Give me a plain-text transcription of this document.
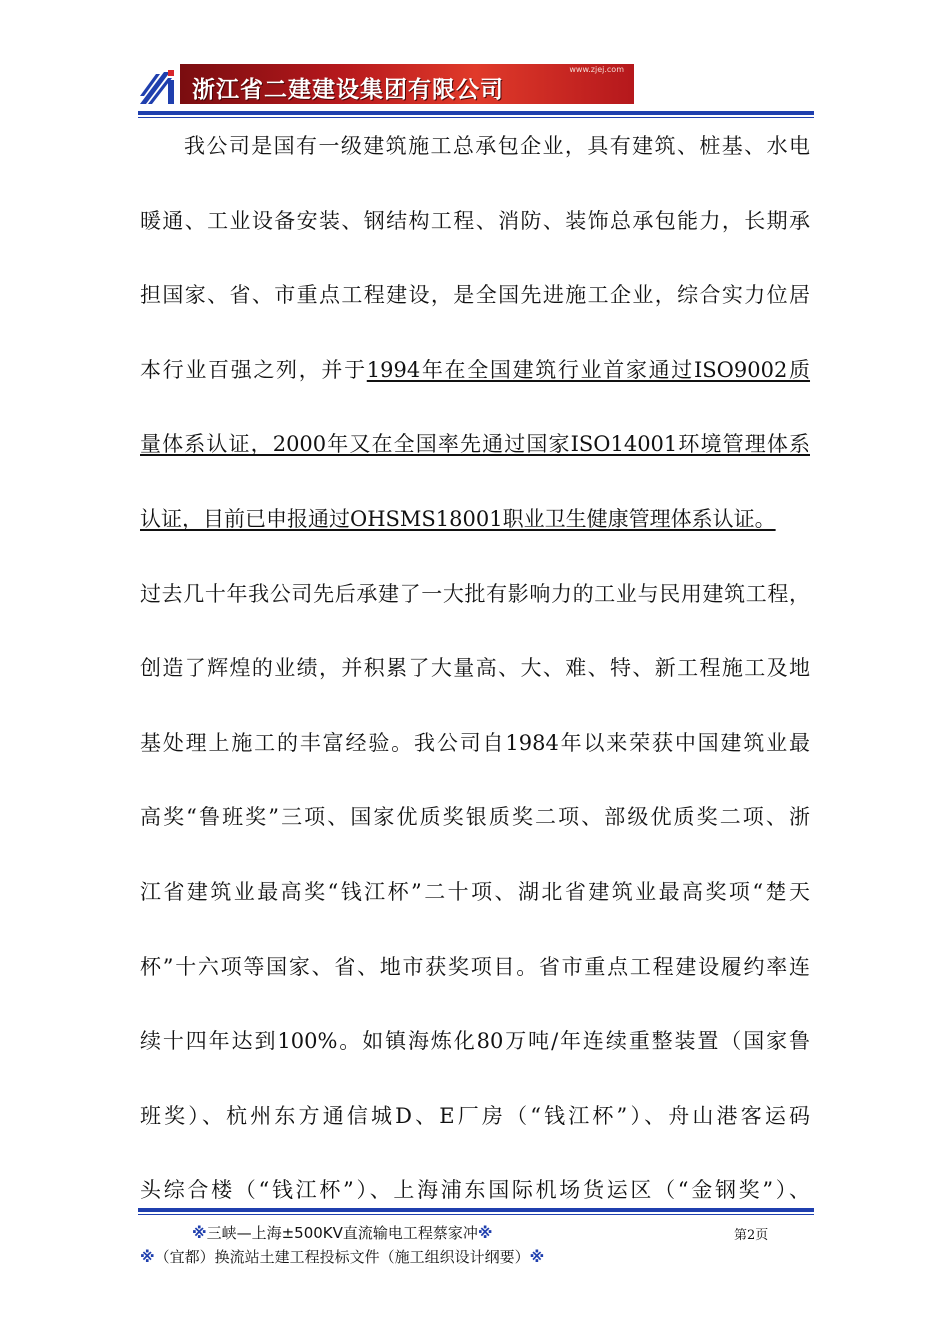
www.zjej.com
浙江省二建建设集团有限公司
我公司是国有一级建筑施工总承包企业，具有建筑、桩基、水电
暖通、工业设备安装、钢结构工程、消防、装饰总承包能力，长期承
担国家、省、市重点工程建设，是全国先进施工企业，综合实力位居
本行业百强之列，并于1994年在全国建筑行业首家通过ISO9002质
量体系认证，2000年又在全国率先通过国家ISO14001环境管理体系
认证，目前已申报通过OHSMS18001职业卫生健康管理体系认证。
过去几十年我公司先后承建了一大批有影响力的工业与民用建筑工程，
创造了辉煌的业绩，并积累了大量高、大、难、特、新工程施工及地
基处理上施工的丰富经验。我公司自1984年以来荣获中国建筑业最
高奖“鲁班奖”三项、国家优质奖银质奖二项、部级优质奖二项、浙
江省建筑业最高奖“钱江杯”二十项、湖北省建筑业最高奖项“楚天
杯”十六项等国家、省、地市获奖项目。省市重点工程建设履约率连
续十四年达到100%。如镇海炼化80万吨/年连续重整装置（国家鲁
班奖）、杭州东方通信城D、E厂房（“钱江杯”）、舟山港客运码
头综合楼（“钱江杯”）、上海浦东国际机场货运区（“金钢奖”）、
※三峡—上海±500KV直流输电工程蔡家冲※	第2页
※（宜都）换流站土建工程投标文件（施工组织设计纲要）※
